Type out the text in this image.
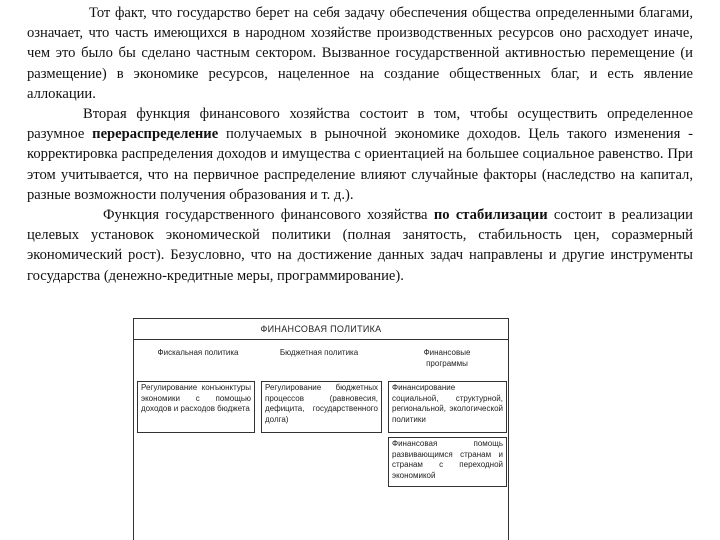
Тот факт, что государство берет на себя задачу обеспечения общества определенными благами, означает, что часть имеющихся в народном хозяйстве производственных ресурсов оно расходует иначе, чем это было бы сделано частным сектором. Вызванное государственной активностью перемещение (и размещение) в экономике ресурсов, нацеленное на создание общественных благ, и есть явление аллокации.

Вторая функция финансового хозяйства состоит в том, чтобы осуществить определенное разумное перераспределение получаемых в рыночной экономике доходов. Цель такого изменения - корректировка распределения доходов и имущества с ориентацией на большее социальное равенство. При этом учитывается, что на первичное распределение влияют случайные факторы (наследство на капитал, разные возможности получения образования и т. д.).

Функция государственного финансового хозяйства по стабилизации состоит в реализации целевых установок экономической политики (полная занятость, стабильность цен, соразмерный экономический рост). Безусловно, что на достижение данных задач направлены и другие инструменты государства (денежно-кредитные меры, программирование).

ФИНАНСОВАЯ ПОЛИТИКА
Фискальная политика	Бюджетная политика	Финансовые программы
Регулирование конъюнктуры экономики с помощью доходов и расходов бюджета
Регулирование бюджетных процессов (равновесия, дефицита, государственного долга)
Финансирование социальной, структурной, региональной, экологической политики
Финансовая помощь развивающимся странам и странам с переходной экономикой
